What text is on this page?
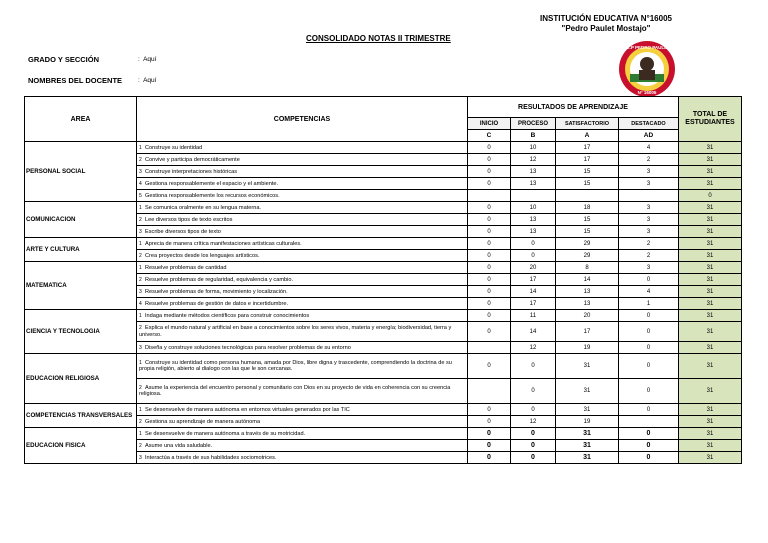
INSTITUCIÓN EDUCATIVA N°16005
"Pedro Paulet Mostajo"
CONSOLIDADO NOTAS II TRIMESTRE
GRADO Y SECCIÓN	: Aquí
NOMBRES DEL DOCENTE : Aquí
I.E.P PEDRO PAULET
N° 16005
AREA	COMPETENCIAS	RESULTADOS DE APRENDIZAJE				TOTAL DE ESTUDIANTES
		INICIO	PROCESO	SATISFACTORIO	DESTACADO	
		C	B	A	AD	
PERSONAL SOCIAL	1 Construye su identidad	0	10	17	4	31
	2 Convive y participa democráticamente	0	12	17	2	31
	3 Construye interpretaciones históricas	0	13	15	3	31
	4 Gestiona responsablemente el espacio y el ambiente.	0	13	15	3	31
	5 Gestiona responsablemente los recursos económicos.					0
COMUNICACION	1 Se comunica oralmente en su lengua materna.	0	10	18	3	31
	2 Lee diversos tipos de texto escritos	0	13	15	3	31
	3 Escribe diversos tipos de texto	0	13	15	3	31
ARTE Y CULTURA	1 Aprecia de manera crítica manifestaciones artísticas culturales.	0	0	29	2	31
	2 Crea proyectos desde los lenguajes artísticos.	0	0	29	2	31
MATEMATICA	1 Resuelve problemas de cantidad	0	20	8	3	31
	2 Resuelve problemas de regularidad, equivalencia y cambio.	0	17	14	0	31
	3 Resuelve problemas de forma, movimiento y localización.	0	14	13	4	31
	4 Resuelve problemas de gestión de datos e incertidumbre.	0	17	13	1	31
CIENCIA Y TECNOLOGIA	1 Indaga mediante métodos científicos para construir conocimientos	0	11	20	0	31
	2 Explica el mundo natural y artificial en base a conocimientos sobre los seres vivos, materia y energía; biodiversidad, tierra y universo.	0	14	17	0	31
	3 Diseña y construye soluciones tecnológicas para resolver problemas de su entorno		12	19	0	31
EDUCACION RELIGIOSA	1 Construye su identidad como persona humana, amada por Dios, libre digna y trascedente, comprendiendo la doctrina de su propia religión, abierto al dialogo con las que le son cercanas.	0	0	31	0	31
	2 Asume la experiencia del encuentro personal y comunitario con Dios en su proyecto de vida en coherencia con su creencia religiosa.		0	31	0	31
COMPETENCIAS TRANSVERSALES	1 Se desenvuelve de manera autónoma en entornos virtuales generados por las TIC	0	0	31	0	31
	2 Gestiona su aprendizaje de manera autónoma	0	12	19		31
EDUCACION FISICA	1 Se desenvuelve de manera autónoma a través de su motricidad.	0	0	31	0	31
	2 Asume una vida saludable.	0	0	31	0	31
	3 Interactúa a través de sus habilidades sociomotrices.	0	0	31	0	31
